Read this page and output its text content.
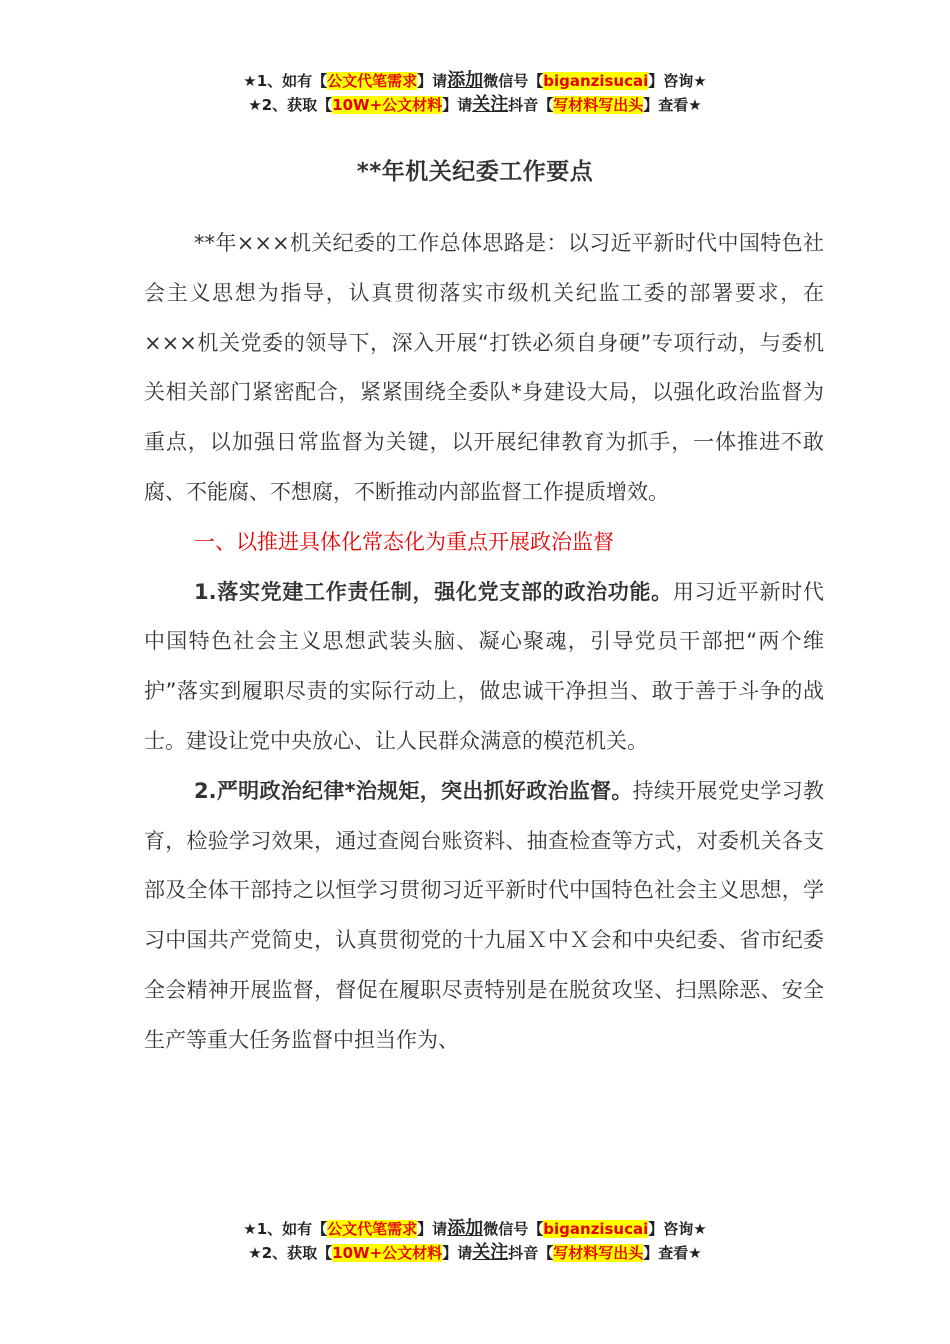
★1、如有【公文代笔需求】请添加微信号【biganzisucai】咨询★
★2、获取【10W+公文材料】请关注抖音【写材料写出头】查看★
**年机关纪委工作要点

**年×××机关纪委的工作总体思路是：以习近平新时代中国特色社会主义思想为指导，认真贯彻落实市级机关纪监工委的部署要求，在×××机关党委的领导下，深入开展“打铁必须自身硬”专项行动，与委机关相关部门紧密配合，紧紧围绕全委队*身建设大局，以强化政治监督为重点，以加强日常监督为关键，以开展纪律教育为抓手，一体推进不敢腐、不能腐、不想腐，不断推动内部监督工作提质增效。

一、以推进具体化常态化为重点开展政治监督

1.落实党建工作责任制，强化党支部的政治功能。用习近平新时代中国特色社会主义思想武装头脑、凝心聚魂，引导党员干部把“两个维护”落实到履职尽责的实际行动上，做忠诚干净担当、敢于善于斗争的战士。建设让党中央放心、让人民群众满意的模范机关。

2.严明政治纪律*治规矩，突出抓好政治监督。持续开展党史学习教育，检验学习效果，通过查阅台账资料、抽查检查等方式，对委机关各支部及全体干部持之以恒学习贯彻习近平新时代中国特色社会主义思想，学习中国共产党简史，认真贯彻党的十九届Ｘ中Ｘ会和中央纪委、省市纪委全会精神开展监督，督促在履职尽责特别是在脱贫攻坚、扫黑除恶、安全生产等重大任务监督中担当作为、

★1、如有【公文代笔需求】请添加微信号【biganzisucai】咨询★
★2、获取【10W+公文材料】请关注抖音【写材料写出头】查看★
